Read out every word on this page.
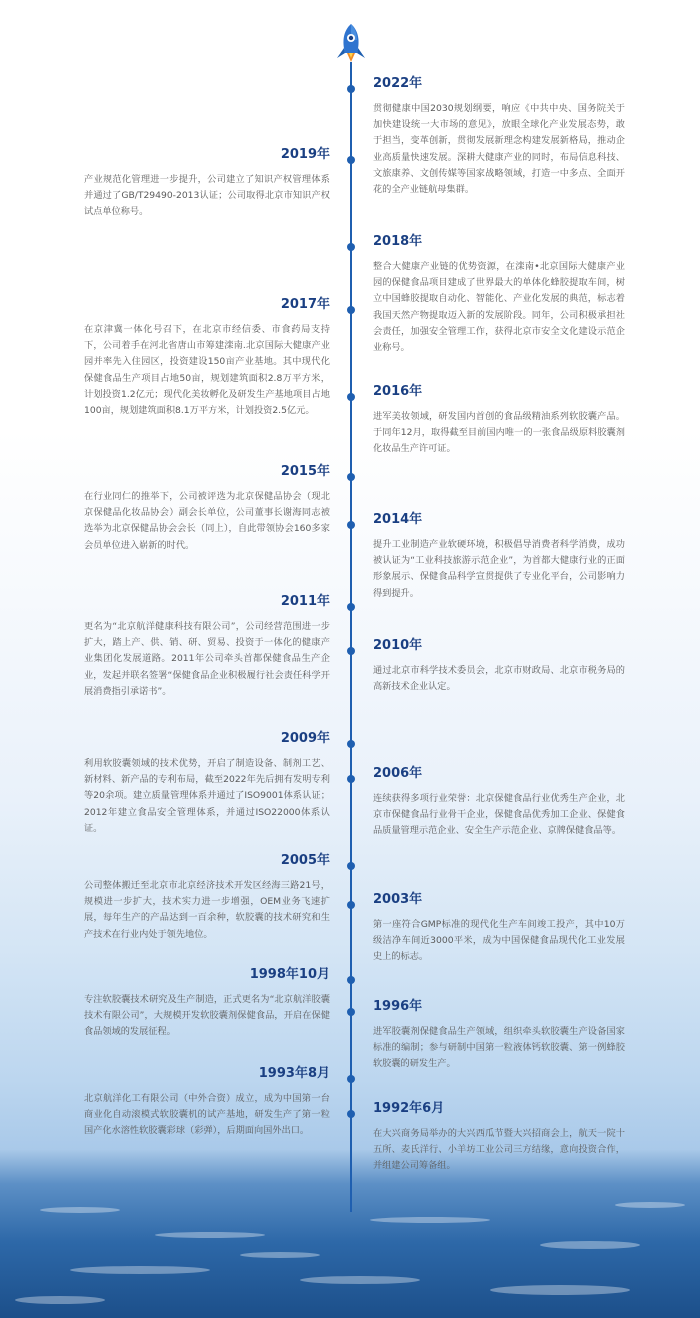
2022年
贯彻健康中国2030规划纲要，响应《中共中央、国务院关于加快建设统一大市场的意见》，放眼全球化产业发展态势，敢于担当，变革创新，贯彻发展新理念构建发展新格局，推动企业高质量快速发展。深耕大健康产业的同时，布局信息科技、文旅康养、文创传媒等国家战略领域，打造一中多点、全面开花的全产业链航母集群。
2019年
产业规范化管理进一步提升，公司建立了知识产权管理体系并通过了GB/T29490-2013认证；公司取得北京市知识产权试点单位称号。
2018年
整合大健康产业链的优势资源，在滦南•北京国际大健康产业园的保健食品项目建成了世界最大的单体化蜂胶提取车间，树立中国蜂胶提取自动化、智能化、产业化发展的典范，标志着我国天然产物提取迈入新的发展阶段。同年，公司积极承担社会责任，加强安全管理工作，获得北京市安全文化建设示范企业称号。
2017年
在京津冀一体化号召下，在北京市经信委、市食药局支持下，公司着手在河北省唐山市筹建滦南.北京国际大健康产业园并率先入住园区，投资建设150亩产业基地。其中现代化保健食品生产项目占地50亩，规划建筑面积2.8万平方米，计划投资1.2亿元；现代化美妆孵化及研发生产基地项目占地100亩，规划建筑面积8.1万平方米，计划投资2.5亿元。
2016年
进军美妆领域，研发国内首创的食品级精油系列软胶囊产品。于同年12月，取得截至目前国内唯一的一张食品级原料胶囊剂化妆品生产许可证。
2015年
在行业同仁的推举下，公司被评选为北京保健品协会（现北京保健品化妆品协会）副会长单位，公司董事长谢海同志被选举为北京保健品协会会长（同上），自此带领协会160多家会员单位进入崭新的时代。
2014年
提升工业制造产业软硬环境，积极倡导消费者科学消费，成功被认证为“工业科技旅游示范企业”，为首都大健康行业的正面形象展示、保健食品科学宣贯提供了专业化平台，公司影响力得到提升。
2011年
更名为“北京航洋健康科技有限公司”，公司经营范围进一步扩大，踏上产、供、销、研、贸易、投资于一体化的健康产业集团化发展道路。2011年公司牵头首都保健食品生产企业，发起并联名签署“保健食品企业积极履行社会责任科学开展消费指引承诺书”。
2010年
通过北京市科学技术委员会，北京市财政局、北京市税务局的高新技术企业认定。
2009年
利用软胶囊领域的技术优势，开启了制造设备、制剂工艺、新材料、新产品的专利布局，截至2022年先后拥有发明专利等20余项。建立质量管理体系并通过了ISO9001体系认证；2012年建立食品安全管理体系，并通过ISO22000体系认证。
2006年
连续获得多项行业荣誉：北京保健食品行业优秀生产企业，北京市保健食品行业骨干企业，保健食品优秀加工企业、保健食品质量管理示范企业、安全生产示范企业、京牌保健食品等。
2005年
公司整体搬迁至北京市北京经济技术开发区经海三路21号，规模进一步扩大，技术实力进一步增强，OEM业务飞速扩展，每年生产的产品达到一百余种，软胶囊的技术研究和生产技术在行业内处于领先地位。
2003年
第一座符合GMP标准的现代化生产车间竣工投产，其中10万级洁净车间近3000平米，成为中国保健食品现代化工业发展史上的标志。
1998年10月
专注软胶囊技术研究及生产制造，正式更名为“北京航洋胶囊技术有限公司”，大规模开发软胶囊剂保健食品，开启在保健食品领域的发展征程。
1996年
进军胶囊剂保健食品生产领域，组织牵头软胶囊生产设备国家标准的编制；参与研制中国第一粒液体钙软胶囊、第一例蜂胶软胶囊的研发生产。
1993年8月
北京航洋化工有限公司（中外合资）成立，成为中国第一台商业化自动滚模式软胶囊机的试产基地，研发生产了第一粒国产化水溶性软胶囊彩球（彩弹），后期面向国外出口。
1992年6月
在大兴商务局举办的大兴西瓜节暨大兴招商会上，航天一院十五所、麦氏洋行、小羊坊工业公司三方结缘，意向投资合作，并组建公司筹备组。
